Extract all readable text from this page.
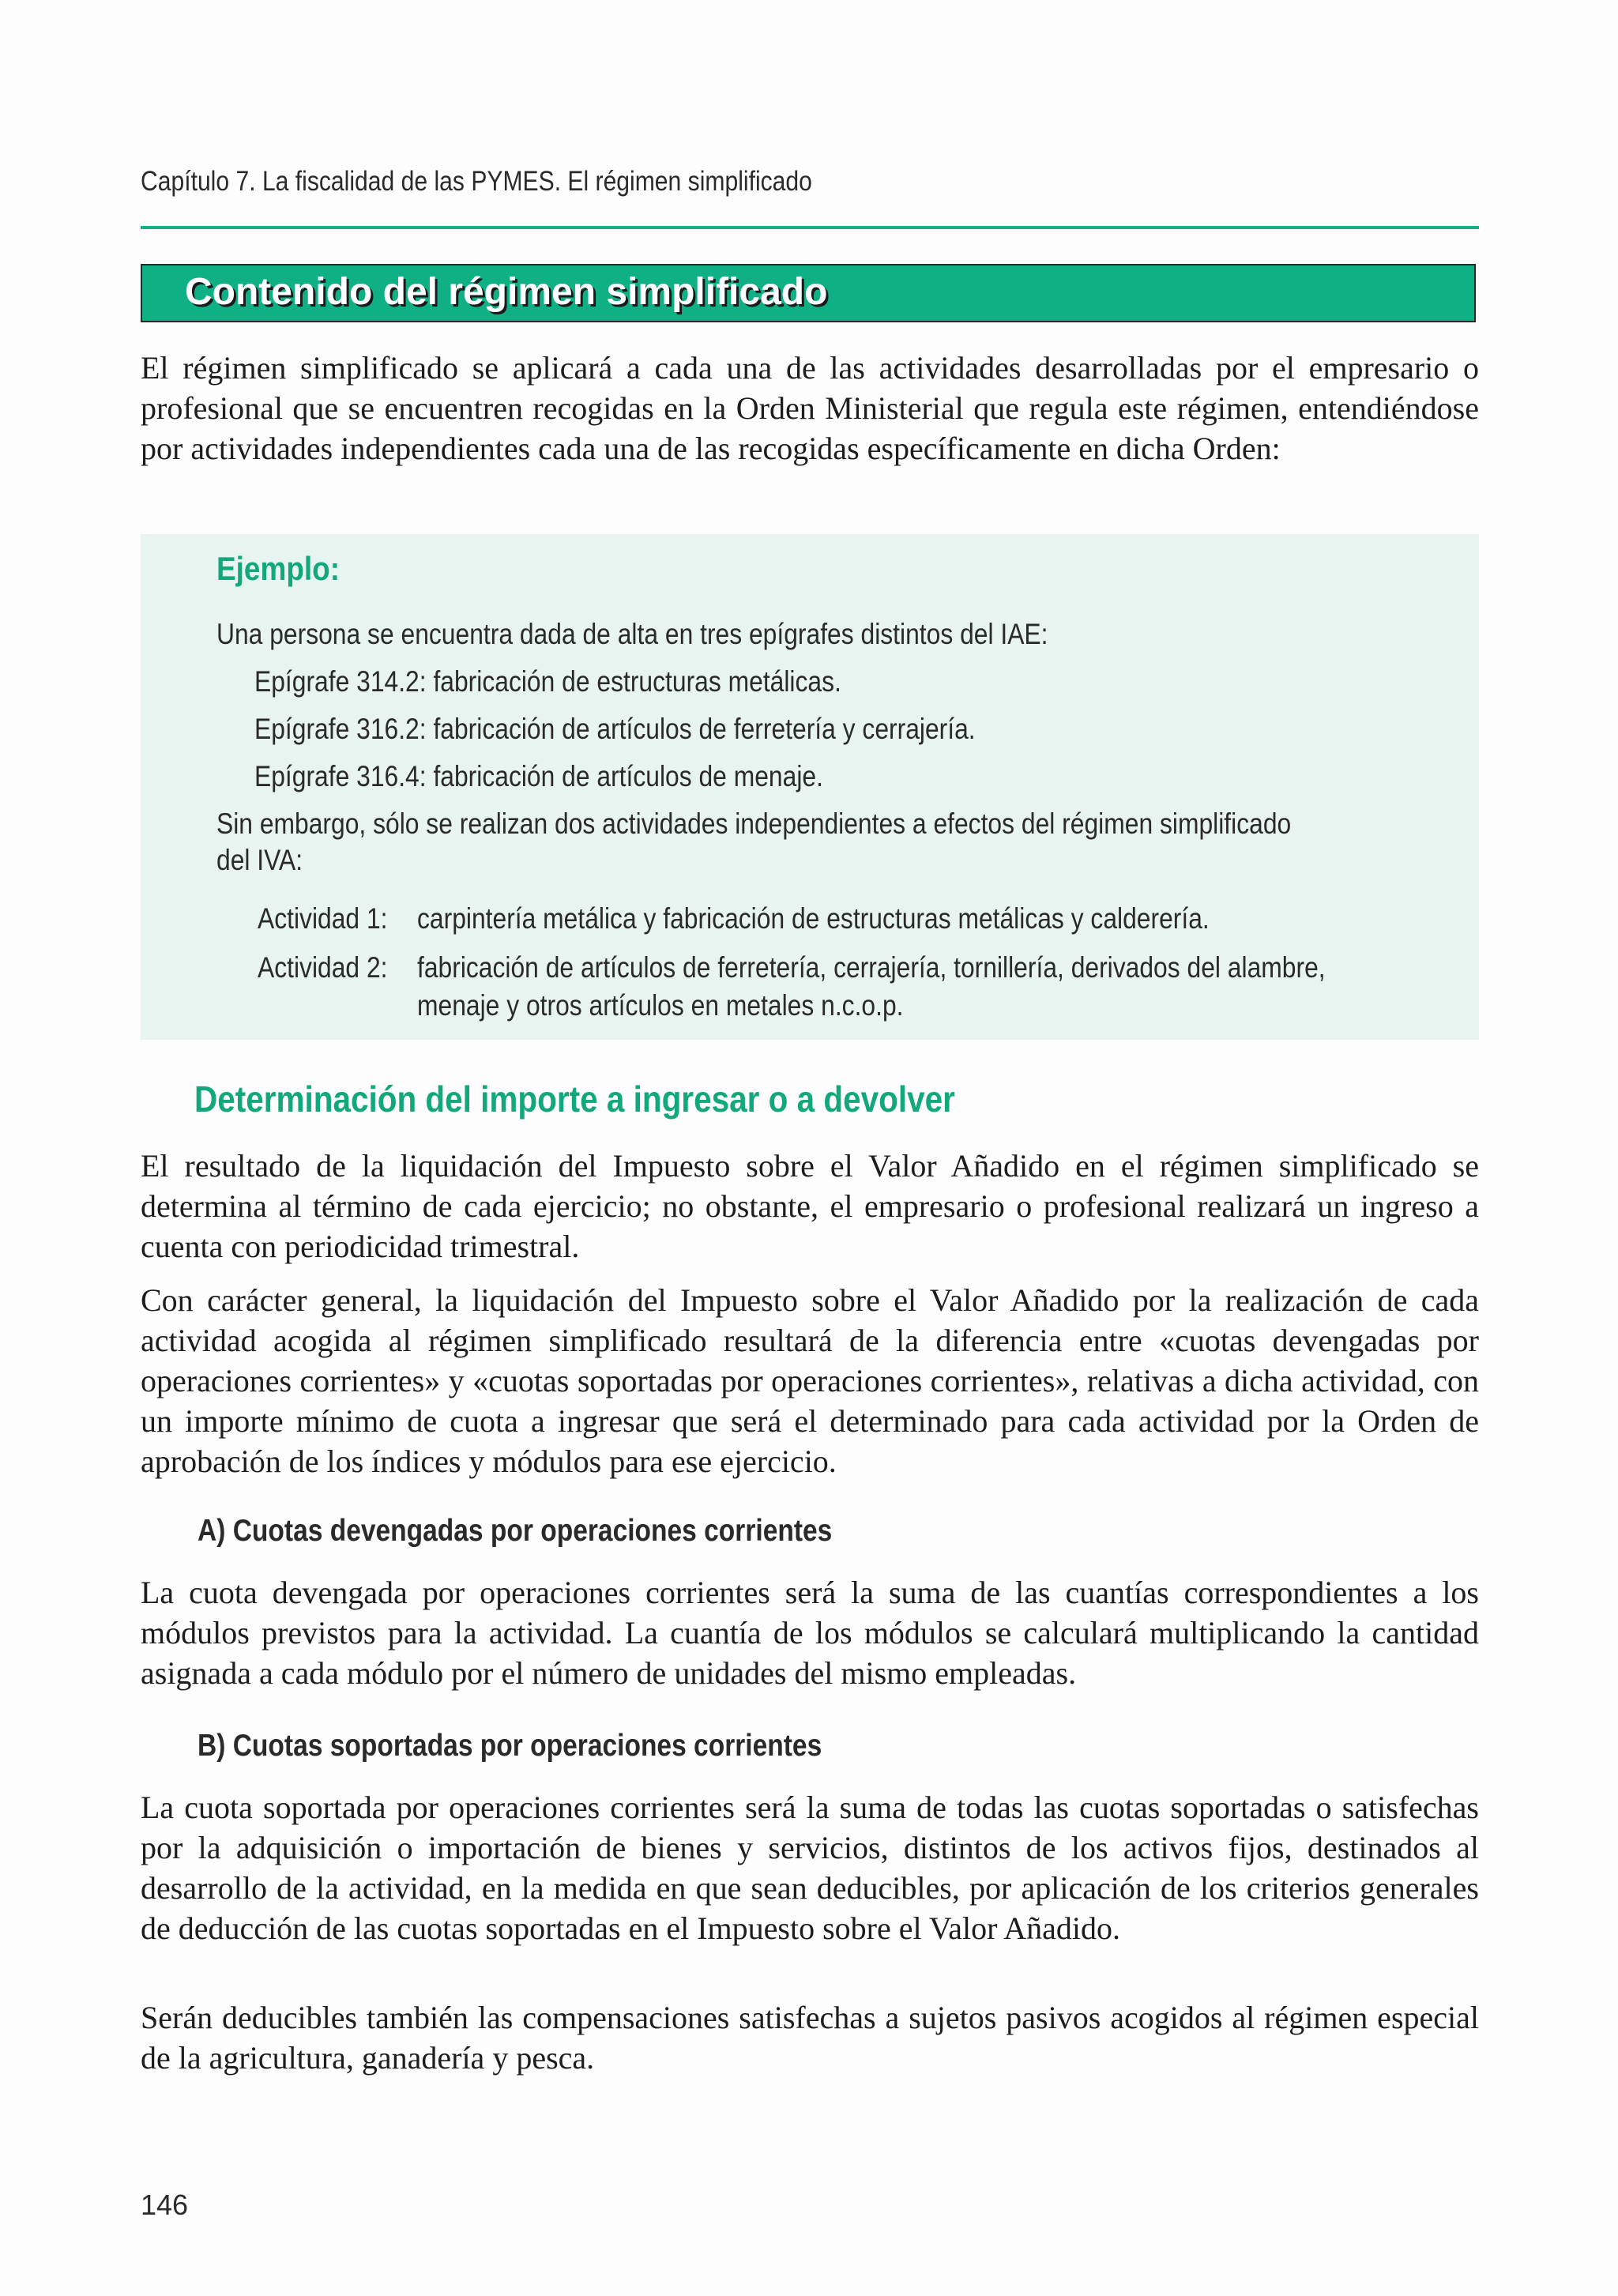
Capítulo 7. La fiscalidad de las PYMES. El régimen simplificado
Contenido del régimen simplificado

El régimen simplificado se aplicará a cada una de las actividades desarrolladas por el empresario o profesional que se encuentren recogidas en la Orden Ministerial que regula este régimen, entendiéndose por actividades independientes cada una de las recogidas específicamente en dicha Orden:

Ejemplo:
Una persona se encuentra dada de alta en tres epígrafes distintos del IAE:
Epígrafe 314.2: fabricación de estructuras metálicas.
Epígrafe 316.2: fabricación de artículos de ferretería y cerrajería.
Epígrafe 316.4: fabricación de artículos de menaje.
Sin embargo, sólo se realizan dos actividades independientes a efectos del régimen simplificado
del IVA:
Actividad 1: carpintería metálica y fabricación de estructuras metálicas y calderería.
Actividad 2: fabricación de artículos de ferretería, cerrajería, tornillería, derivados del alambre,
menaje y otros artículos en metales n.c.o.p.
Determinación del importe a ingresar o a devolver

El resultado de la liquidación del Impuesto sobre el Valor Añadido en el régimen simplificado se determina al término de cada ejercicio; no obstante, el empresario o profesional realizará un ingreso a cuenta con periodicidad trimestral.

Con carácter general, la liquidación del Impuesto sobre el Valor Añadido por la realización de cada actividad acogida al régimen simplificado resultará de la diferencia entre «cuotas devengadas por operaciones corrientes» y «cuotas soportadas por operaciones corrientes», relativas a dicha actividad, con un importe mínimo de cuota a ingresar que será el determinado para cada actividad por la Orden de aprobación de los índices y módulos para ese ejercicio.

A) Cuotas devengadas por operaciones corrientes

La cuota devengada por operaciones corrientes será la suma de las cuantías correspondientes a los módulos previstos para la actividad. La cuantía de los módulos se calculará multiplicando la cantidad asignada a cada módulo por el número de unidades del mismo empleadas.

B) Cuotas soportadas por operaciones corrientes

La cuota soportada por operaciones corrientes será la suma de todas las cuotas soportadas o satisfechas por la adquisición o importación de bienes y servicios, distintos de los activos fijos, destinados al desarrollo de la actividad, en la medida en que sean deducibles, por aplicación de los criterios generales de deducción de las cuotas soportadas en el Impuesto sobre el Valor Añadido.

Serán deducibles también las compensaciones satisfechas a sujetos pasivos acogidos al régimen especial de la agricultura, ganadería y pesca.

146
